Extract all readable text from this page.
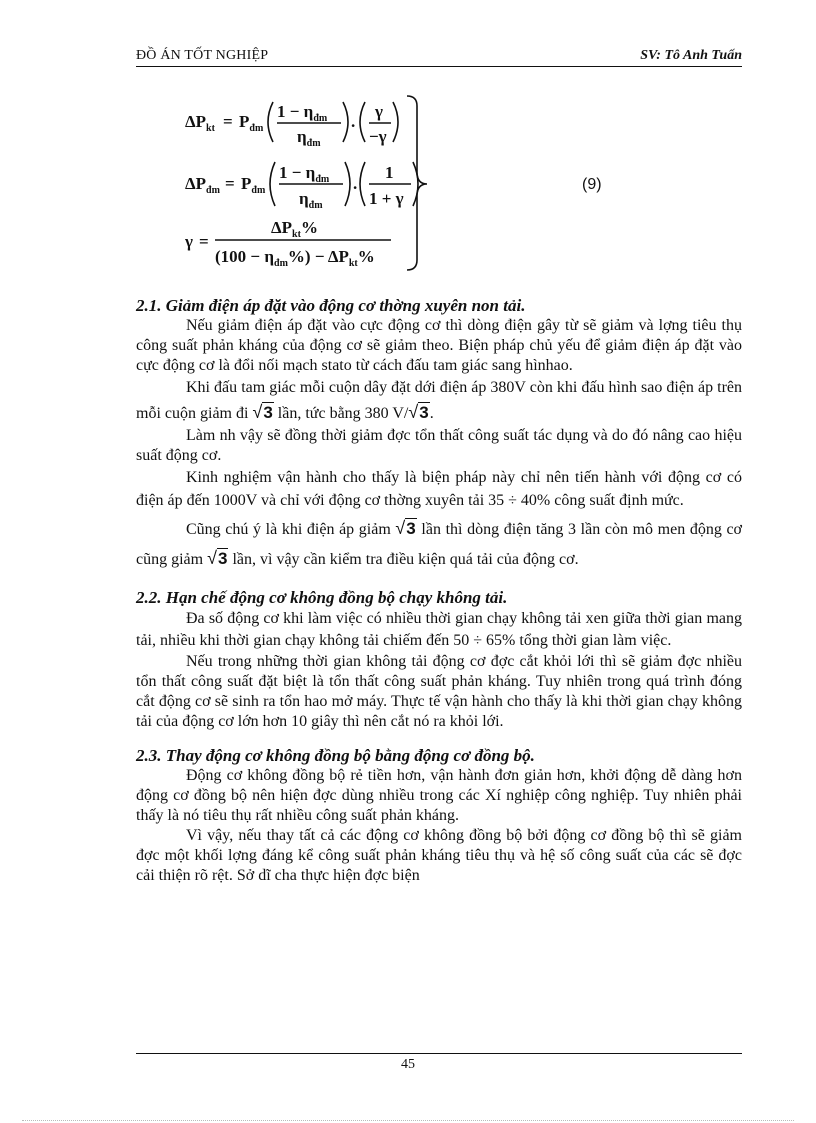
ĐỒ ÁN TỐT NGHIỆP	SV: Tô Anh Tuấn
$\Delta P_{kt} = P_{đm}$
$1 - \eta_{đm}$
$\eta_{đm}$
.
γ
−γ
$\Delta P_{đm} = P_{đm}$
$1 - \eta_{đm}$
$\eta_{đm}$
.
1
1 + γ
γ =
$\Delta P_{kt}\%$
$(100 - \eta_{đm}\%) - \Delta P_{kt}\%$
(9)

2.1. Giảm điện áp đặt vào động cơ thờng xuyên non tải.

Nếu giảm điện áp đặt vào cực động cơ thì dòng điện gây từ sẽ giảm và lợng tiêu thụ công suất phản kháng của động cơ sẽ giảm theo. Biện pháp chủ yếu để giảm điện áp đặt vào cực động cơ là đổi nối mạch stato từ cách đấu tam giác sang hìnhao.

Khi đấu tam giác mỗi cuộn dây đặt dới điện áp 380V còn khi đấu hình sao điện áp trên mỗi cuộn giảm đi √3 lần, tức bằng 380 V/√3.

Làm nh vậy sẽ đồng thời giảm đợc tổn thất công suất tác dụng và do đó nâng cao hiệu suất động cơ.

Kinh nghiệm vận hành cho thấy là biện pháp này chỉ nên tiến hành với động cơ có điện áp đến 1000V và chỉ với động cơ thờng xuyên tải 35 ÷ 40% công suất định mức.

Cũng chú ý là khi điện áp giảm √3 lần thì dòng điện tăng 3 lần còn mô men động cơ cũng giảm √3 lần, vì vậy cần kiểm tra điều kiện quá tải của động cơ.

2.2. Hạn chế động cơ không đồng bộ chạy không tải.

Đa số động cơ khi làm việc có nhiều thời gian chạy không tải xen giữa thời gian mang tải, nhiều khi thời gian chạy không tải chiếm đến 50 ÷ 65% tổng thời gian làm việc.

Nếu trong những thời gian không tải động cơ đợc cắt khỏi lới thì sẽ giảm đợc nhiều tổn thất công suất đặt biệt là tổn thất công suất phản kháng. Tuy nhiên trong quá trình đóng cắt động cơ sẽ sinh ra tổn hao mở máy. Thực tế vận hành cho thấy là khi thời gian chạy không tải của động cơ lớn hơn 10 giây thì nên cắt nó ra khỏi lới.

2.3. Thay động cơ không đồng bộ bằng động cơ đồng bộ.

Động cơ không đồng bộ rẻ tiền hơn, vận hành đơn giản hơn, khởi động dễ dàng hơn động cơ đồng bộ nên hiện đợc dùng nhiều trong các Xí nghiệp công nghiệp. Tuy nhiên phải thấy là nó tiêu thụ rất nhiều công suất phản kháng.

Vì vậy, nếu thay tất cả các động cơ không đồng bộ bởi động cơ đồng bộ thì sẽ giảm đợc một khối lợng đáng kể công suất phản kháng tiêu thụ và hệ số công suất của các sẽ đợc cải thiện rõ rệt. Sở dĩ cha thực hiện đợc biện

45
